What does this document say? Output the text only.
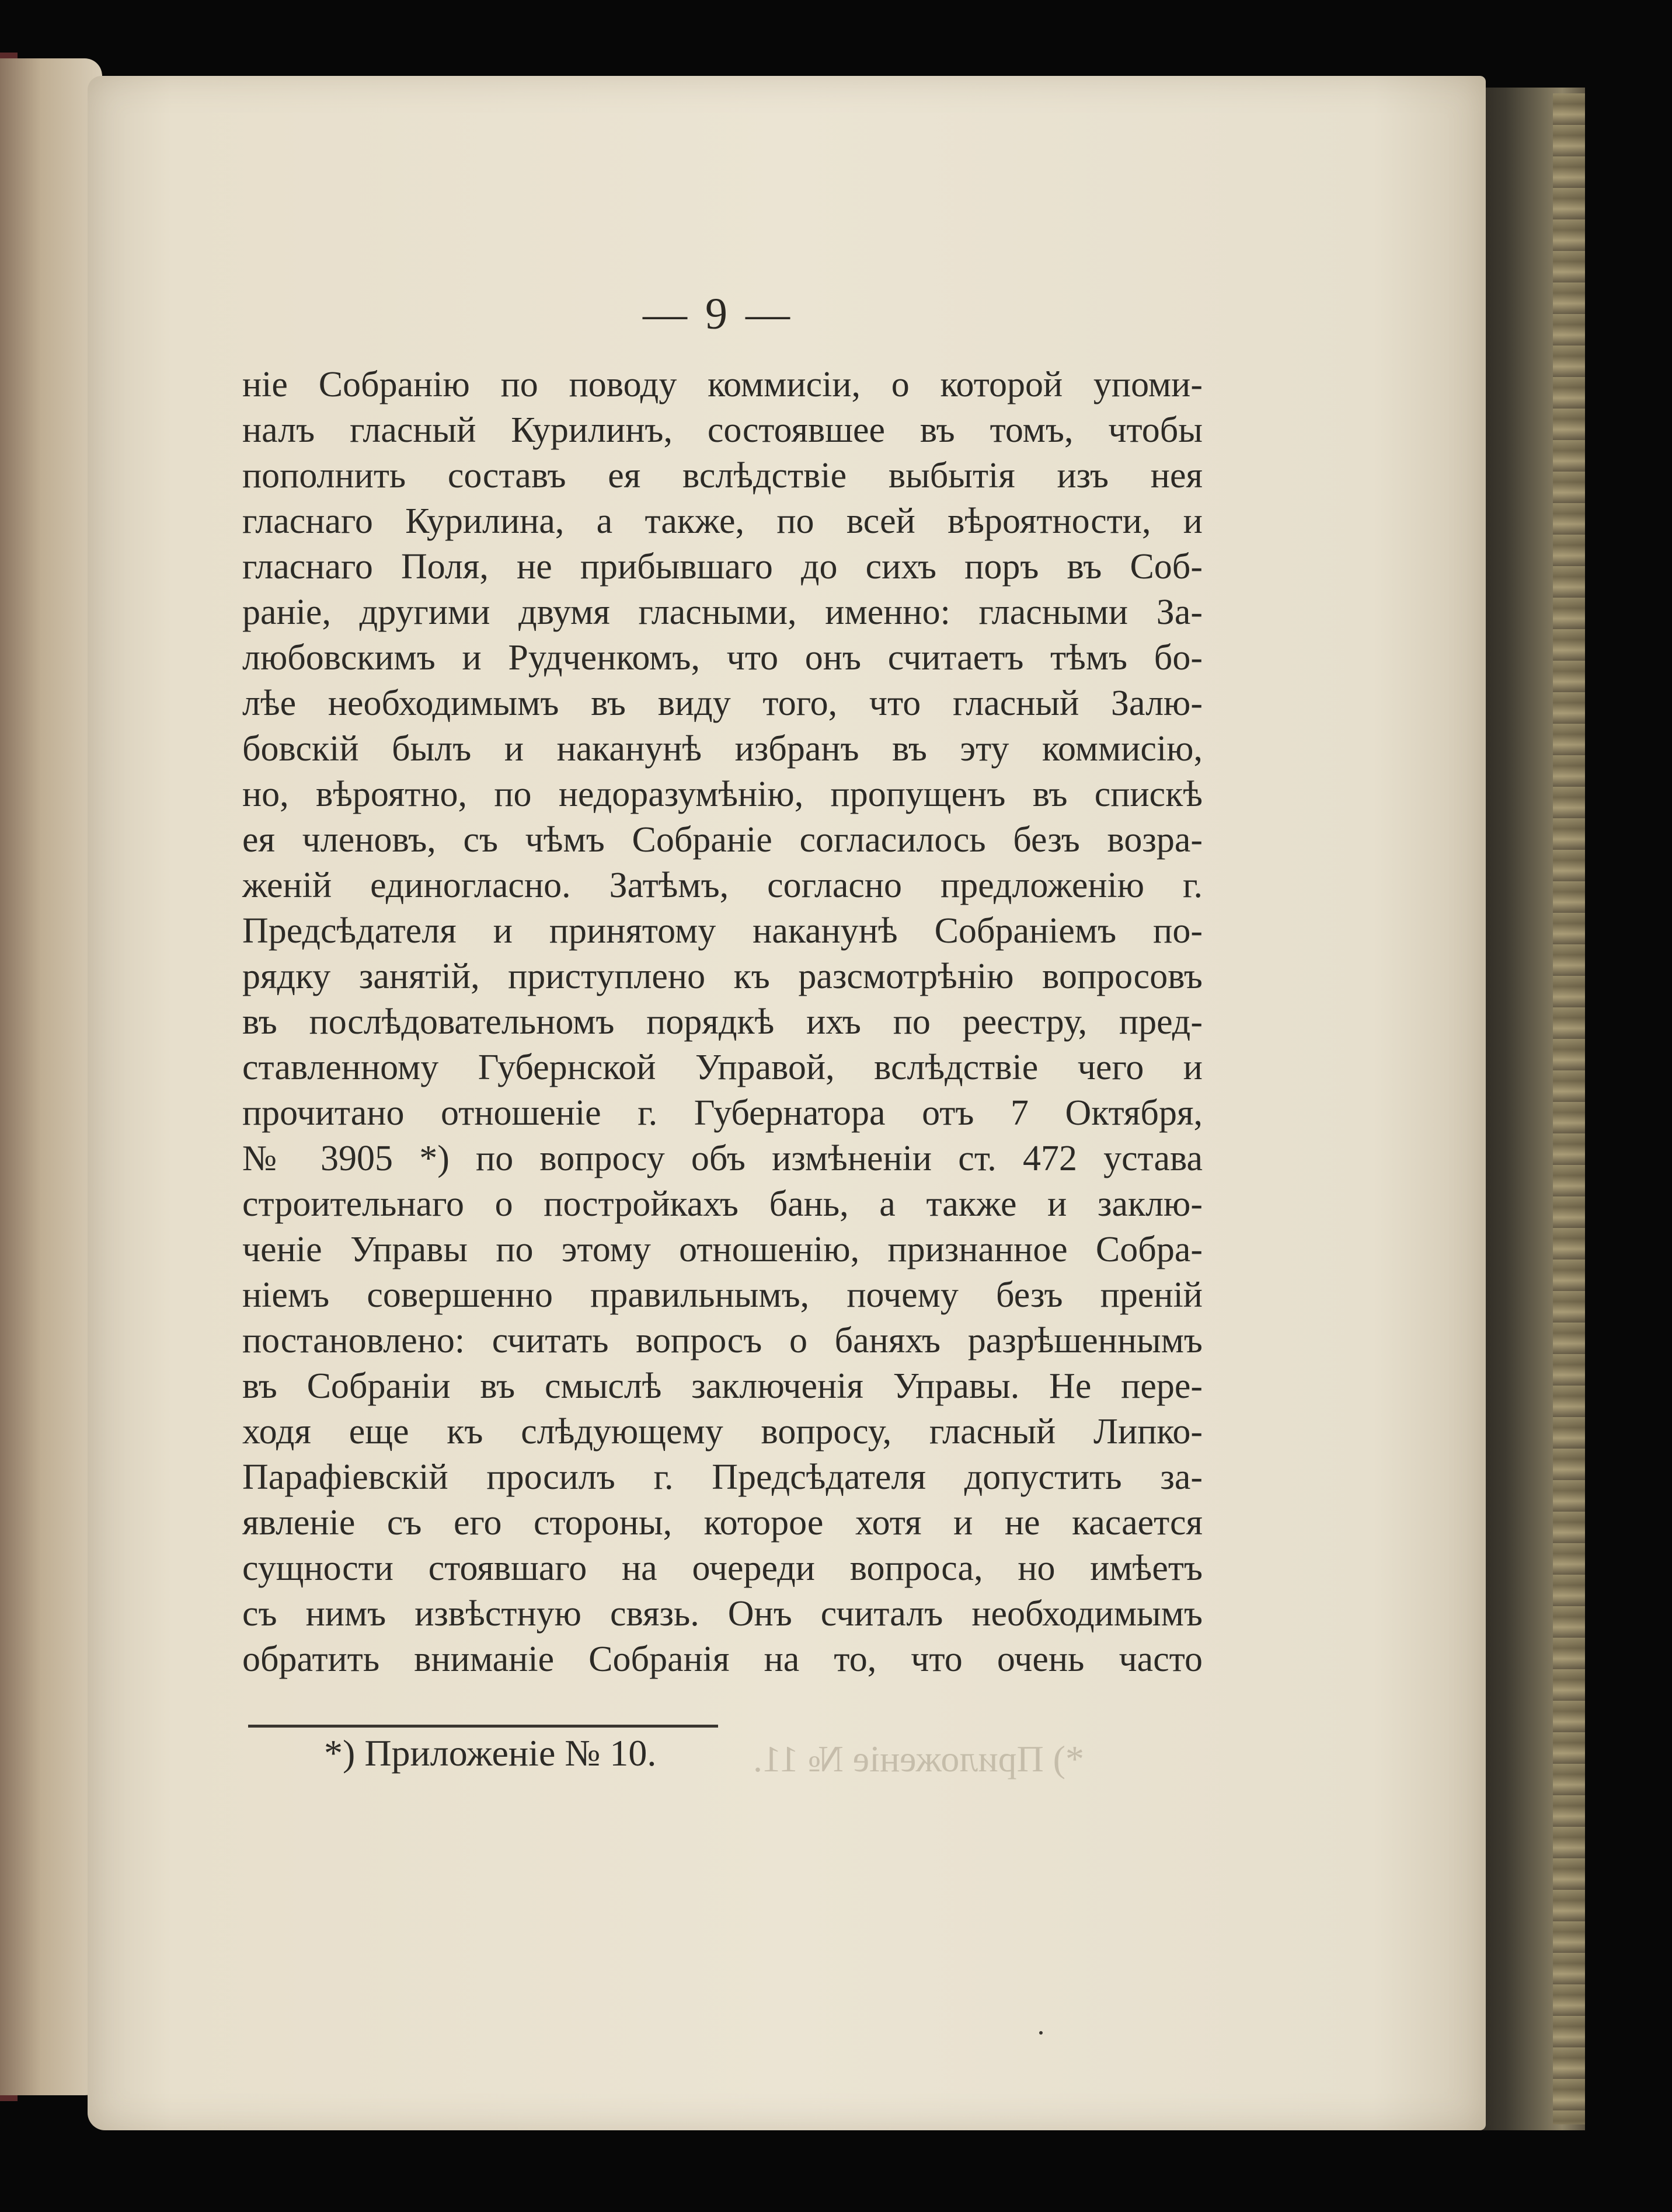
— 9 —
ніе Собранію по поводу коммисіи, о которой упоми-
налъ гласный Курилинъ, состоявшее въ томъ, чтобы
пополнить составъ ея вслѣдствіе выбытія изъ нея
гласнаго Курилина, а также, по всей вѣроятности, и
гласнаго Поля, не прибывшаго до сихъ поръ въ Соб-
раніе, другими двумя гласными, именно: гласными За-
любовскимъ и Рудченкомъ, что онъ считаетъ тѣмъ бо-
лѣе необходимымъ въ виду того, что гласный Залю-
бовскій былъ и наканунѣ избранъ въ эту коммисію,
но, вѣроятно, по недоразумѣнію, пропущенъ въ спискѣ
ея членовъ, съ чѣмъ Собраніе согласилось безъ возра-
женій единогласно. Затѣмъ, согласно предложенію г.
Предсѣдателя и принятому наканунѣ Собраніемъ по-
рядку занятій, приступлено къ разсмотрѣнію вопросовъ
въ послѣдовательномъ порядкѣ ихъ по реестру, пред-
ставленному Губернской Управой, вслѣдствіе чего и
прочитано отношеніе г. Губернатора отъ 7 Октября,
№ 3905 *) по вопросу объ измѣненіи ст. 472 устава
строительнаго о постройкахъ бань, а также и заклю-
ченіе Управы по этому отношенію, признанное Собра-
ніемъ совершенно правильнымъ, почему безъ преній
постановлено: считать вопросъ о баняхъ разрѣшеннымъ
въ Собраніи въ смыслѣ заключенія Управы. Не пере-
ходя еще къ слѣдующему вопросу, гласный Липко-
Парафіевскій просилъ г. Предсѣдателя допустить за-
явленіе съ его стороны, которое хотя и не касается
сущности стоявшаго на очереди вопроса, но имѣетъ
съ нимъ извѣстную связь. Онъ считалъ необходимымъ
обратить вниманіе Собранія на то, что очень часто
*) Приложеніе № 10.	*) Приложеніе № 11.
